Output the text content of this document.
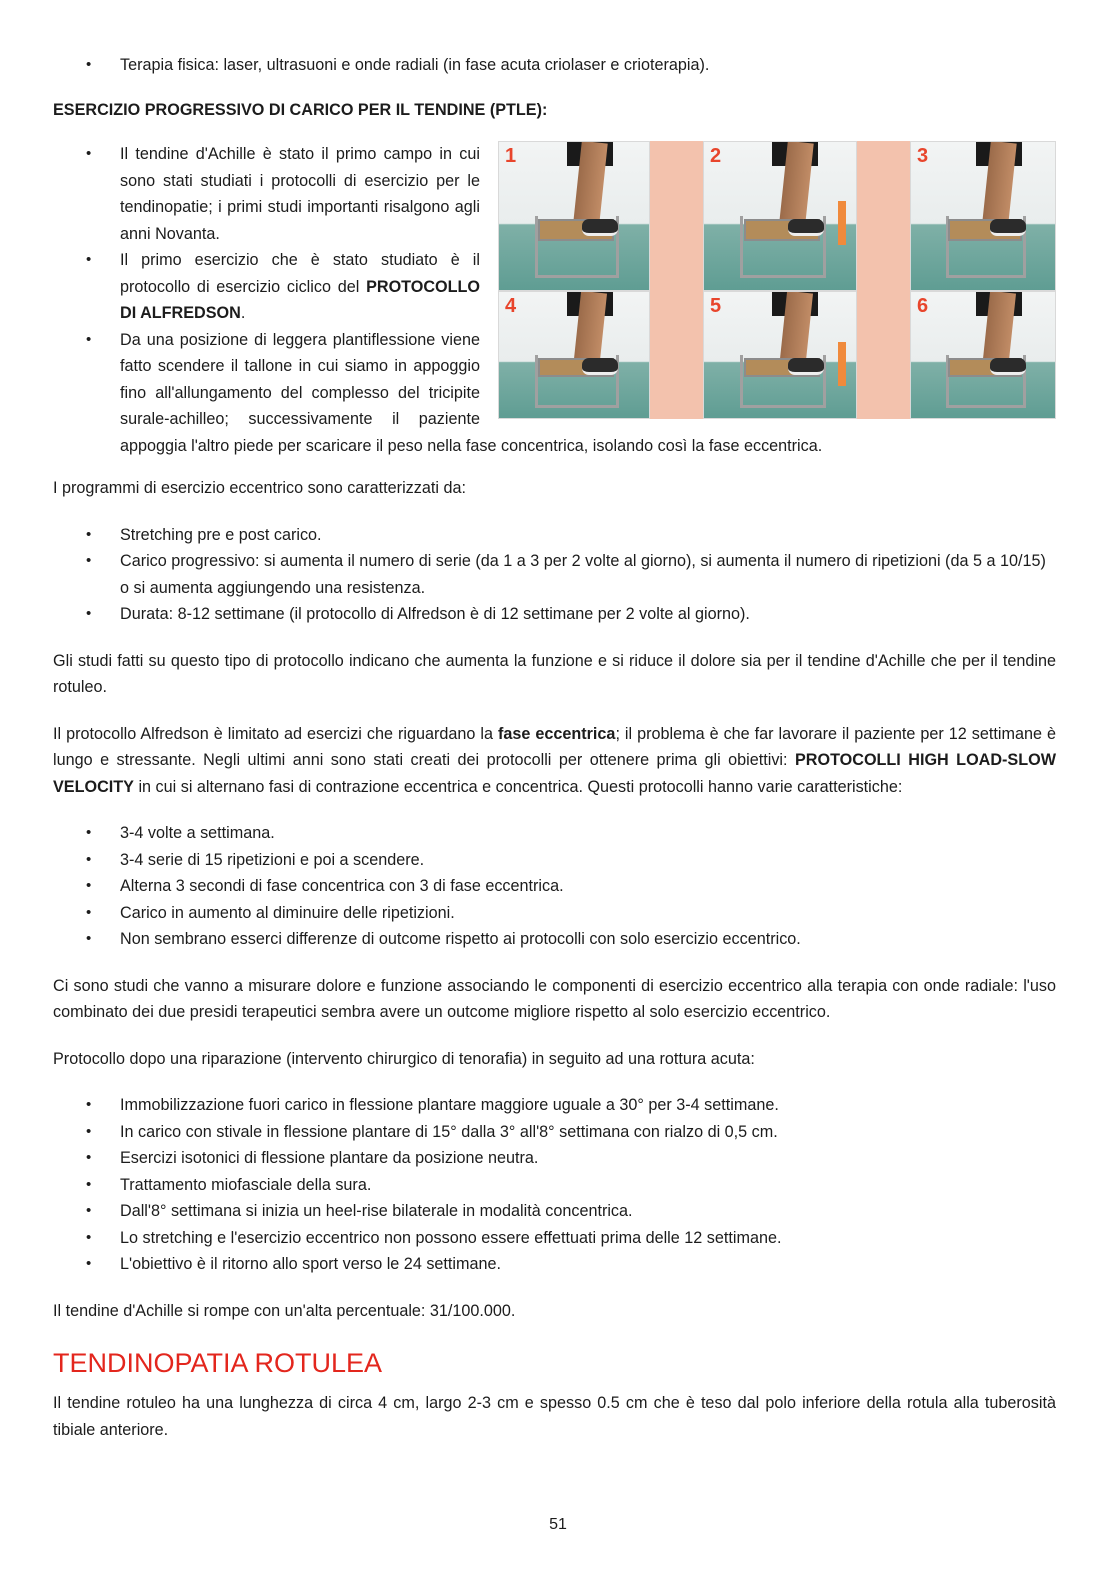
• Terapia fisica: laser, ultrasuoni e onde radiali (in fase acuta criolaser e crioterapia).

ESERCIZIO PROGRESSIVO DI CARICO PER IL TENDINE (PTLE):

1	2	3
4	5	6
• Il tendine d'Achille è stato il primo campo in cui sono stati studiati i protocolli di esercizio per le tendinopatie; i primi studi importanti risalgono agli anni Novanta.
• Il primo esercizio che è stato studiato è il protocollo di esercizio ciclico del PROTOCOLLO DI ALFREDSON.
• Da una posizione di leggera plantiflessione viene fatto scendere il tallone in cui siamo in appoggio fino all'allungamento del complesso del tricipite surale-achilleo; successivamente il paziente appoggia l'altro piede per scaricare il peso nella fase concentrica, isolando così la fase eccentrica.

I programmi di esercizio eccentrico sono caratterizzati da:

• Stretching pre e post carico.
• Carico progressivo: si aumenta il numero di serie (da 1 a 3 per 2 volte al giorno), si aumenta il numero di ripetizioni (da 5 a 10/15) o si aumenta aggiungendo una resistenza.
• Durata: 8-12 settimane (il protocollo di Alfredson è di 12 settimane per 2 volte al giorno).

Gli studi fatti su questo tipo di protocollo indicano che aumenta la funzione e si riduce il dolore sia per il tendine d'Achille che per il tendine rotuleo.

Il protocollo Alfredson è limitato ad esercizi che riguardano la fase eccentrica; il problema è che far lavorare il paziente per 12 settimane è lungo e stressante. Negli ultimi anni sono stati creati dei protocolli per ottenere prima gli obiettivi: PROTOCOLLI HIGH LOAD-SLOW VELOCITY in cui si alternano fasi di contrazione eccentrica e concentrica. Questi protocolli hanno varie caratteristiche:

• 3-4 volte a settimana.
• 3-4 serie di 15 ripetizioni e poi a scendere.
• Alterna 3 secondi di fase concentrica con 3 di fase eccentrica.
• Carico in aumento al diminuire delle ripetizioni.
• Non sembrano esserci differenze di outcome rispetto ai protocolli con solo esercizio eccentrico.

Ci sono studi che vanno a misurare dolore e funzione associando le componenti di esercizio eccentrico alla terapia con onde radiale: l'uso combinato dei due presidi terapeutici sembra avere un outcome migliore rispetto al solo esercizio eccentrico.

Protocollo dopo una riparazione (intervento chirurgico di tenorafia) in seguito ad una rottura acuta:

• Immobilizzazione fuori carico in flessione plantare maggiore uguale a 30° per 3-4 settimane.
• In carico con stivale in flessione plantare di 15° dalla 3° all'8° settimana con rialzo di 0,5 cm.
• Esercizi isotonici di flessione plantare da posizione neutra.
• Trattamento miofasciale della sura.
• Dall'8° settimana si inizia un heel-rise bilaterale in modalità concentrica.
• Lo stretching e l'esercizio eccentrico non possono essere effettuati prima delle 12 settimane.
• L'obiettivo è il ritorno allo sport verso le 24 settimane.

Il tendine d'Achille si rompe con un'alta percentuale: 31/100.000.

TENDINOPATIA ROTULEA

Il tendine rotuleo ha una lunghezza di circa 4 cm, largo 2-3 cm e spesso 0.5 cm che è teso dal polo inferiore della rotula alla tuberosità tibiale anteriore.

51
